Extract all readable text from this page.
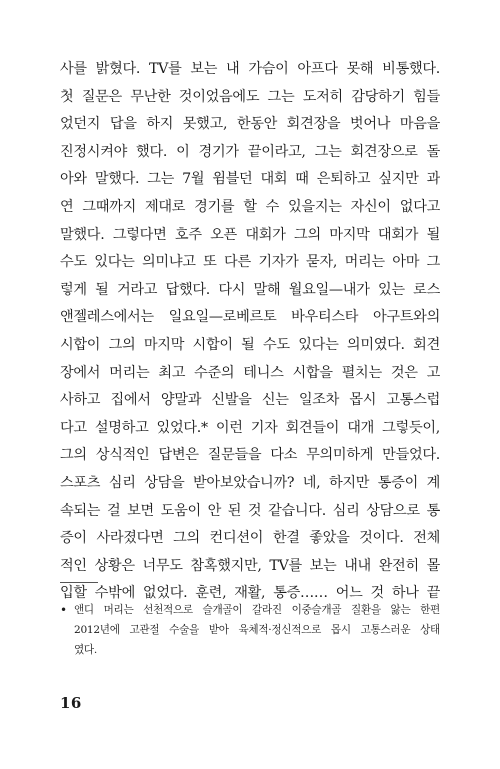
사를 밝혔다. TV를 보는 내 가슴이 아프다 못해 비통했다.
첫 질문은 무난한 것이었음에도 그는 도저히 감당하기 힘들
었던지 답을 하지 못했고, 한동안 회견장을 벗어나 마음을
진정시켜야 했다. 이 경기가 끝이라고, 그는 회견장으로 돌
아와 말했다. 그는 7월 윔블던 대회 때 은퇴하고 싶지만 과
연 그때까지 제대로 경기를 할 수 있을지는 자신이 없다고
말했다. 그렇다면 호주 오픈 대회가 그의 마지막 대회가 될
수도 있다는 의미냐고 또 다른 기자가 묻자, 머리는 아마 그
렇게 될 거라고 답했다. 다시 말해 월요일—내가 있는 로스
앤젤레스에서는 일요일—로베르토 바우티스타 아구트와의
시합이 그의 마지막 시합이 될 수도 있다는 의미였다. 회견
장에서 머리는 최고 수준의 테니스 시합을 펼치는 것은 고
사하고 집에서 양말과 신발을 신는 일조차 몹시 고통스럽
다고 설명하고 있었다.* 이런 기자 회견들이 대개 그렇듯이,
그의 상식적인 답변은 질문들을 다소 무의미하게 만들었다.
스포츠 심리 상담을 받아보았습니까? 네, 하지만 통증이 계
속되는 걸 보면 도움이 안 된 것 같습니다. 심리 상담으로 통
증이 사라졌다면 그의 컨디션이 한결 좋았을 것이다. 전체
적인 상황은 너무도 참혹했지만, TV를 보는 내내 완전히 몰
입할 수밖에 없었다. 훈련, 재활, 통증…… 어느 것 하나 끝
• 앤디 머리는 선천적으로 슬개골이 갈라진 이중슬개골 질환을 앓는 한편
2012년에 고관절 수술을 받아 육체적·정신적으로 몹시 고통스러운 상태
였다.
16
